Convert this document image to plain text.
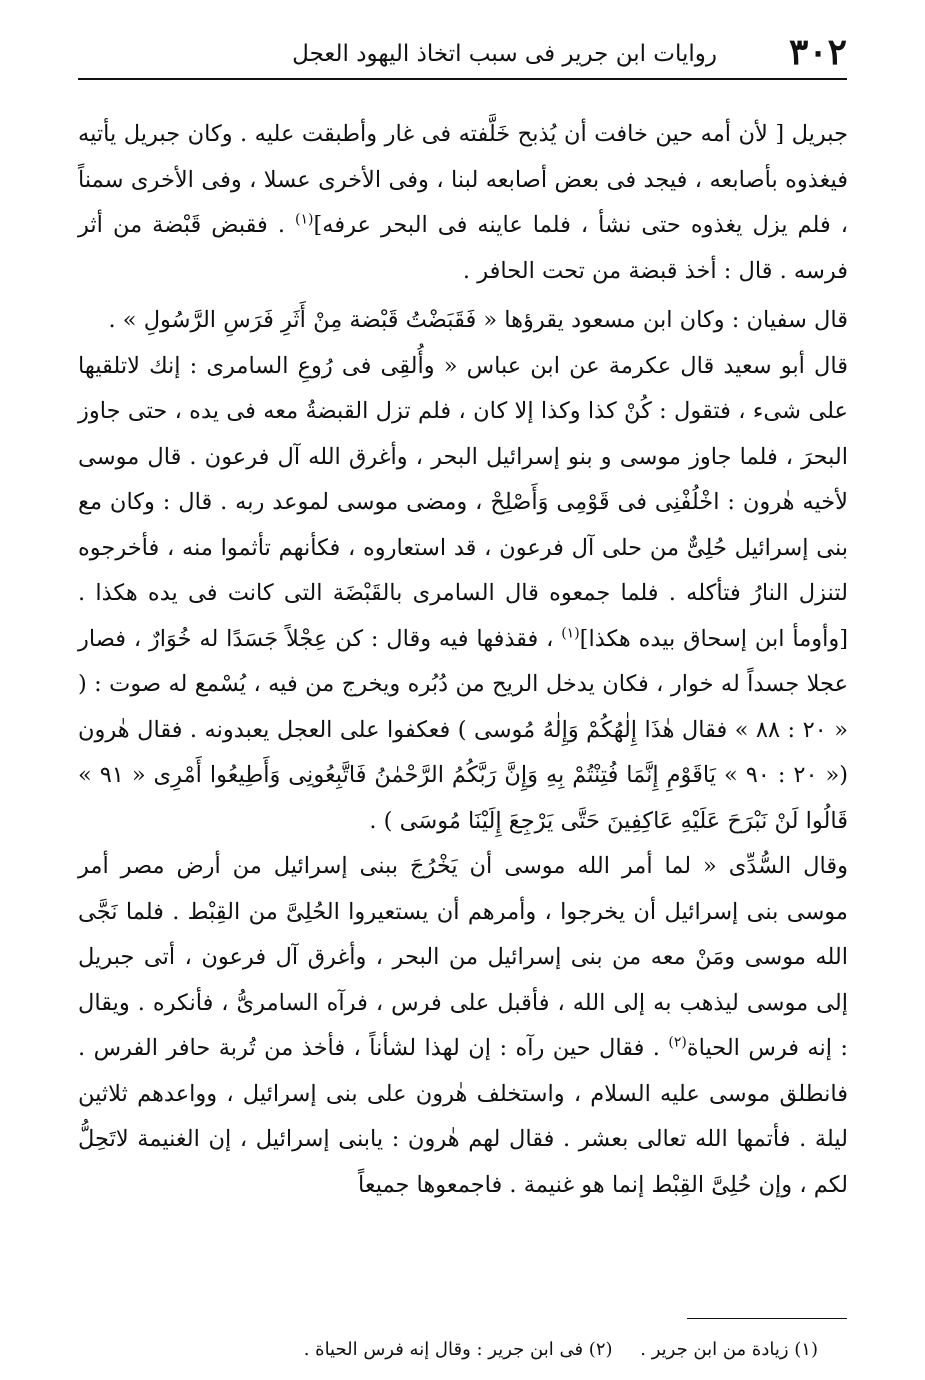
٣٠٢
روايات ابن جرير فى سبب اتخاذ اليهود العجل

جبريل [ لأن أمه حين خافت أن يُذبح خَلَّفته فى غار وأطبقت عليه . وكان جبريل يأتيه فيغذوه بأصابعه ، فيجد فى بعض أصابعه لبنا ، وفى الأخرى عسلا ، وفى الأخرى سمناً ، فلم يزل يغذوه حتى نشأ ، فلما عاينه فى البحر عرفه]$^{(١)}$ . فقبض قَبْضة من أثر فرسه . قال : أخذ قبضة من تحت الحافر .

قال سفيان : وكان ابن مسعود يقرؤها « فَقَبَضْتُ قَبْضة مِنْ أَثَرِ فَرَسِ الرَّسُولِ » .

قال أبو سعيد قال عكرمة عن ابن عباس « وأُلقِى فى رُوعِ السامرى : إنك لاتلقيها على شىء ، فتقول : كُنْ كذا وكذا إلا كان ، فلم تزل القبضةُ معه فى يده ، حتى جاوز البحرَ ، فلما جاوز موسى و بنو إسرائيل البحر ، وأغرق الله آل فرعون . قال موسى لأخيه هٰرون : اخْلُفْنِى فى قَوْمِى وَأَصْلِحْ ، ومضى موسى لموعد ربه . قال : وكان مع بنى إسرائيل حُلِىٌّ من حلى آل فرعون ، قد استعاروه ، فكأنهم تأثموا منه ، فأخرجوه لتنزل النارُ فتأكله . فلما جمعوه قال السامرى بالقَبْضَة التى كانت فى يده هكذا . [وأومأ ابن إسحاق بيده هكذا]$^{(١)}$ ، فقذفها فيه وقال : كن عِجْلاً جَسَدًا له خُوَارٌ ، فصار عجلا جسداً له خوار ، فكان يدخل الريح من دُبُره ويخرج من فيه ، يُسْمع له صوت : ( « ٢٠ : ٨٨ » فقال هٰذَا إِلٰهُكُمْ وَإِلٰهُ مُوسى ) فعكفوا على العجل يعبدونه . فقال هٰرون (« ٢٠ : ٩٠ » يَاقَوْمِ إِنَّمَا فُتِنْتُمْ بِهِ وَإِنَّ رَبَّكُمُ الرَّحْمٰنُ فَاتَّبِعُونِى وَأَطِيعُوا أَمْرِى « ٩١ » قَالُوا لَنْ نَبْرَحَ عَلَيْهِ عَاكِفِينَ حَتَّى يَرْجِعَ إِلَيْنَا مُوسَى ) .

وقال السُّدِّى « لما أمر الله موسى أن يَخْرُجَ ببنى إسرائيل من أرض مصر أمر موسى بنى إسرائيل أن يخرجوا ، وأمرهم أن يستعيروا الحُلِىَّ من القِبْط . فلما نَجَّى الله موسى ومَنْ معه من بنى إسرائيل من البحر ، وأغرق آل فرعون ، أتى جبريل إلى موسى ليذهب به إلى الله ، فأقبل على فرس ، فرآه السامرىُّ ، فأنكره . ويقال : إنه فرس الحياة$^{(٢)}$ . فقال حين رآه : إن لهذا لشأناً ، فأخذ من تُربة حافر الفرس . فانطلق موسى عليه السلام ، واستخلف هٰرون على بنى إسرائيل ، وواعدهم ثلاثين ليلة . فأتمها الله تعالى بعشر . فقال لهم هٰرون : يابنى إسرائيل ، إن الغنيمة لاتَحِلُّ لكم ، وإن حُلِىَّ القِبْط إنما هو غنيمة . فاجمعوها جميعاً

(١) زيادة من ابن جرير . (٢) فى ابن جرير : وقال إنه فرس الحياة .
